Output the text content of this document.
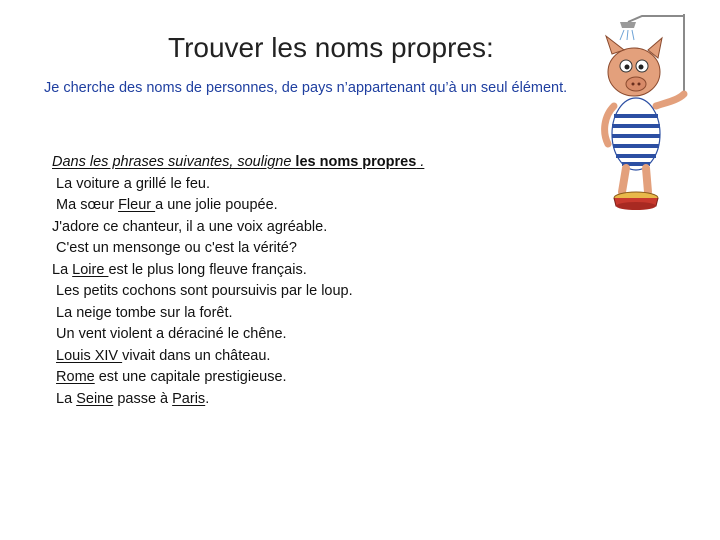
Trouver les noms propres:
Je cherche des noms de personnes, de pays n’appartenant qu’à un seul élément.
Dans les phrases suivantes, souligne les noms propres .
La voiture a grillé le feu.
Ma sœur Fleur a une jolie poupée.
J'adore ce chanteur, il a une voix agréable.
C'est un mensonge ou c'est la vérité?
La Loire est le plus long fleuve français.
Les petits cochons sont poursuivis par le loup.
La neige tombe sur la forêt.
Un vent violent a déraciné le chêne.
Louis XIV vivait dans un château.
Rome est une capitale prestigieuse.
La Seine passe à Paris.
